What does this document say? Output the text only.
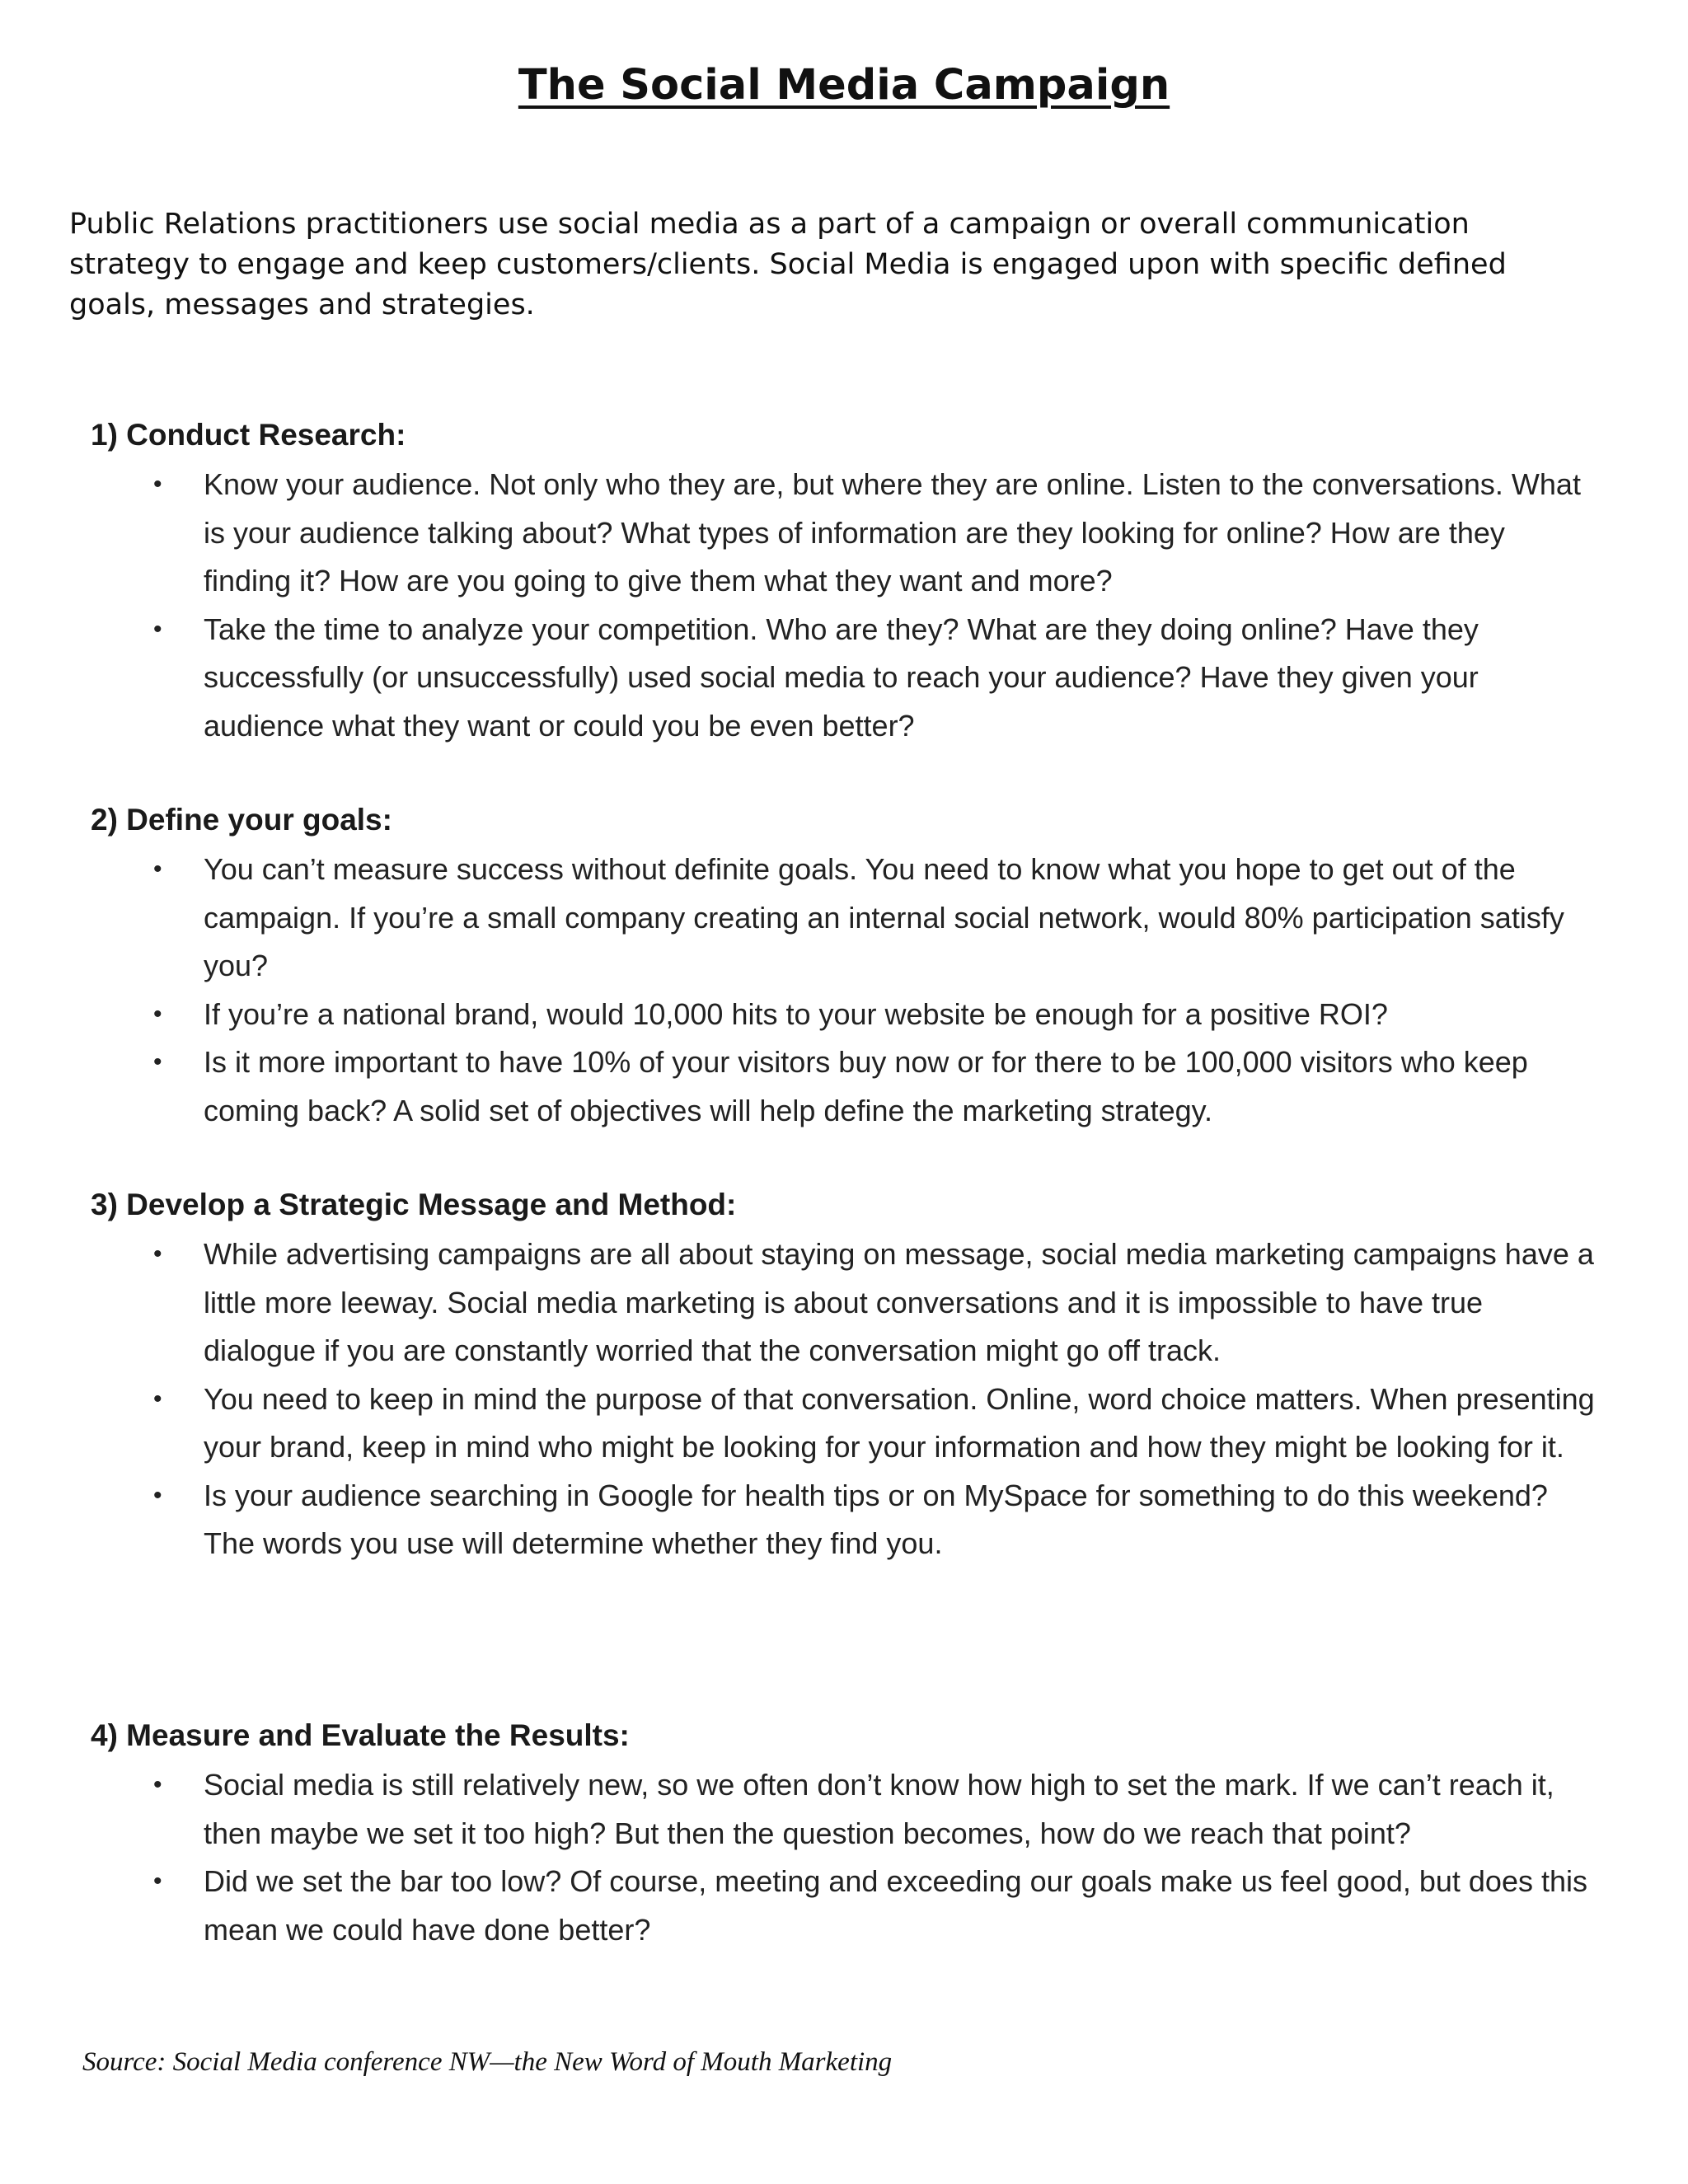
The Social Media Campaign

Public Relations practitioners use social media as a part of a campaign or overall communication strategy to engage and keep customers/clients. Social Media is engaged upon with specific defined goals, messages and strategies.

1) Conduct Research:
• Know your audience. Not only who they are, but where they are online. Listen to the conversations. What is your audience talking about? What types of information are they looking for online? How are they finding it? How are you going to give them what they want and more?
• Take the time to analyze your competition. Who are they? What are they doing online? Have they successfully (or unsuccessfully) used social media to reach your audience? Have they given your audience what they want or could you be even better?
2) Define your goals:
• You can’t measure success without definite goals. You need to know what you hope to get out of the campaign. If you’re a small company creating an internal social network, would 80% participation satisfy you?
• If you’re a national brand, would 10,000 hits to your website be enough for a positive ROI?
• Is it more important to have 10% of your visitors buy now or for there to be 100,000 visitors who keep coming back? A solid set of objectives will help define the marketing strategy.
3) Develop a Strategic Message and Method:
• While advertising campaigns are all about staying on message, social media marketing campaigns have a little more leeway. Social media marketing is about conversations and it is impossible to have true dialogue if you are constantly worried that the conversation might go off track.
• You need to keep in mind the purpose of that conversation. Online, word choice matters. When presenting your brand, keep in mind who might be looking for your information and how they might be looking for it.
• Is your audience searching in Google for health tips or on MySpace for something to do this weekend? The words you use will determine whether they find you.
4) Measure and Evaluate the Results:
• Social media is still relatively new, so we often don’t know how high to set the mark. If we can’t reach it, then maybe we set it too high? But then the question becomes, how do we reach that point?
• Did we set the bar too low? Of course, meeting and exceeding our goals make us feel good, but does this mean we could have done better?

Source: Social Media conference NW—the New Word of Mouth Marketing
